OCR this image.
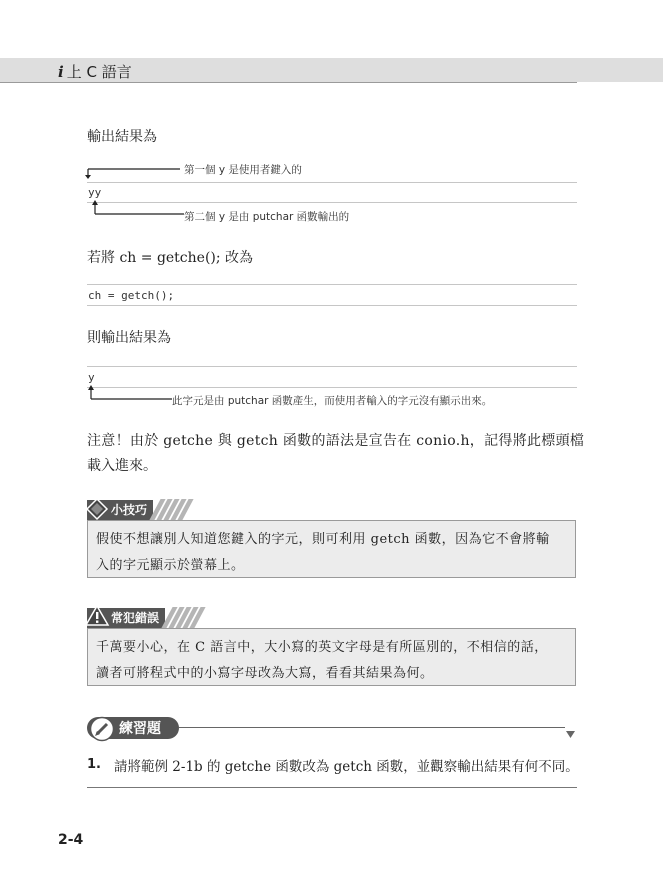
i 上 C 語言
輸出結果為
第一個 y 是使用者鍵入的
yy
第二個 y 是由 putchar 函數輸出的
若將 ch = getche(); 改為
ch = getch();
則輸出結果為
y
此字元是由 putchar 函數產生，而使用者輸入的字元沒有顯示出來。
注意！由於 getche 與 getch 函數的語法是宣告在 conio.h，記得將此標頭檔
載入進來。
小技巧
假使不想讓別人知道您鍵入的字元，則可利用 getch 函數，因為它不會將輸
入的字元顯示於螢幕上。
常犯錯誤
千萬要小心，在 C 語言中，大小寫的英文字母是有所區別的，不相信的話，
讀者可將程式中的小寫字母改為大寫，看看其結果為何。
練習題
1. 請將範例 2-1b 的 getche 函數改為 getch 函數，並觀察輸出結果有何不同。
2-4
